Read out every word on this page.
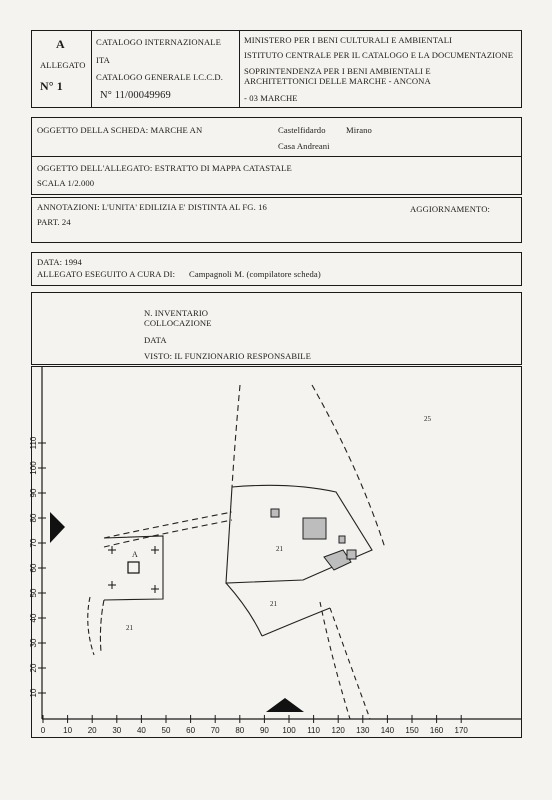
A
ALLEGATO
N° 1
CATALOGO INTERNAZIONALE
ITA
CATALOGO GENERALE I.C.C.D.
N° 11/00049969
MINISTERO PER I BENI CULTURALI E AMBIENTALI
ISTITUTO CENTRALE PER IL CATALOGO E LA DOCUMENTAZIONE
SOPRINTENDENZA PER I BENI AMBIENTALI E
ARCHITETTONICI DELLE MARCHE - ANCONA
- 03 MARCHE
OGGETTO DELLA SCHEDA: MARCHE AN	Castelfidardo Mirano
Casa Andreani
OGGETTO DELL'ALLEGATO: ESTRATTO DI MAPPA CATASTALE
SCALA 1/2.000
ANNOTAZIONI: L'UNITA' EDILIZIA E' DISTINTA AL FG. 16
PART. 24
AGGIORNAMENTO:
DATA: 1994
ALLEGATO ESEGUITO A CURA DI: Campagnoli M. (compilatore scheda)
N. INVENTARIO
COLLOCAZIONE
DATA
VISTO: IL FUNZIONARIO RESPONSABILE
21
21
21
25
A
0 10 20 30 40 50 60 70 80 90 100 110 120 130 140 150 160 170
10
20
30
40
50
60
70
80
90
100
110
